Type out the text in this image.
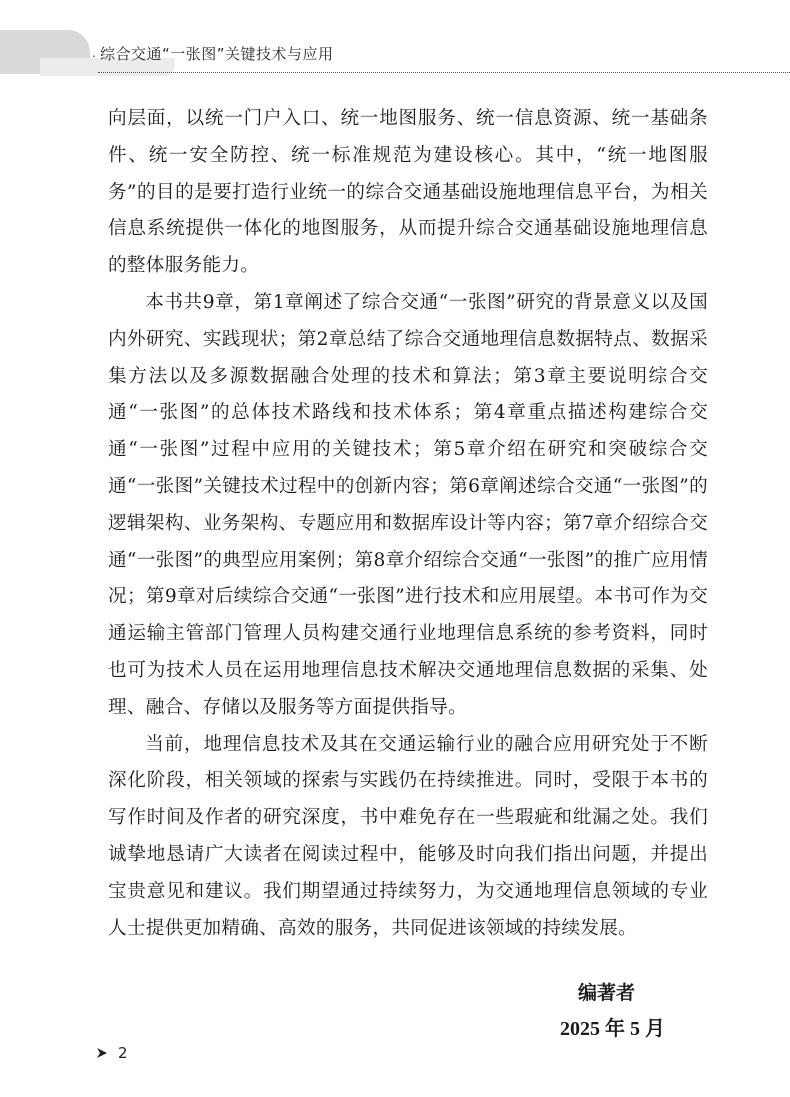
. 综合交通“一张图”关键技术与应用

向层面，以统一门户入口、统一地图服务、统一信息资源、统一基础条件、统一安全防控、统一标准规范为建设核心。其中，“统一地图服务”的目的是要打造行业统一的综合交通基础设施地理信息平台，为相关信息系统提供一体化的地图服务，从而提升综合交通基础设施地理信息的整体服务能力。

本书共9章，第1章阐述了综合交通“一张图”研究的背景意义以及国内外研究、实践现状；第2章总结了综合交通地理信息数据特点、数据采集方法以及多源数据融合处理的技术和算法；第3章主要说明综合交通“一张图”的总体技术路线和技术体系；第4章重点描述构建综合交通“一张图”过程中应用的关键技术；第5章介绍在研究和突破综合交通“一张图”关键技术过程中的创新内容；第6章阐述综合交通“一张图”的逻辑架构、业务架构、专题应用和数据库设计等内容；第7章介绍综合交通“一张图”的典型应用案例；第8章介绍综合交通“一张图”的推广应用情况；第9章对后续综合交通“一张图”进行技术和应用展望。本书可作为交通运输主管部门管理人员构建交通行业地理信息系统的参考资料，同时也可为技术人员在运用地理信息技术解决交通地理信息数据的采集、处理、融合、存储以及服务等方面提供指导。

当前，地理信息技术及其在交通运输行业的融合应用研究处于不断深化阶段，相关领域的探索与实践仍在持续推进。同时，受限于本书的写作时间及作者的研究深度，书中难免存在一些瑕疵和纰漏之处。我们诚挚地恳请广大读者在阅读过程中，能够及时向我们指出问题，并提出宝贵意见和建议。我们期望通过持续努力，为交通地理信息领域的专业人士提供更加精确、高效的服务，共同促进该领域的持续发展。

编著者
2025 年 5 月
2
